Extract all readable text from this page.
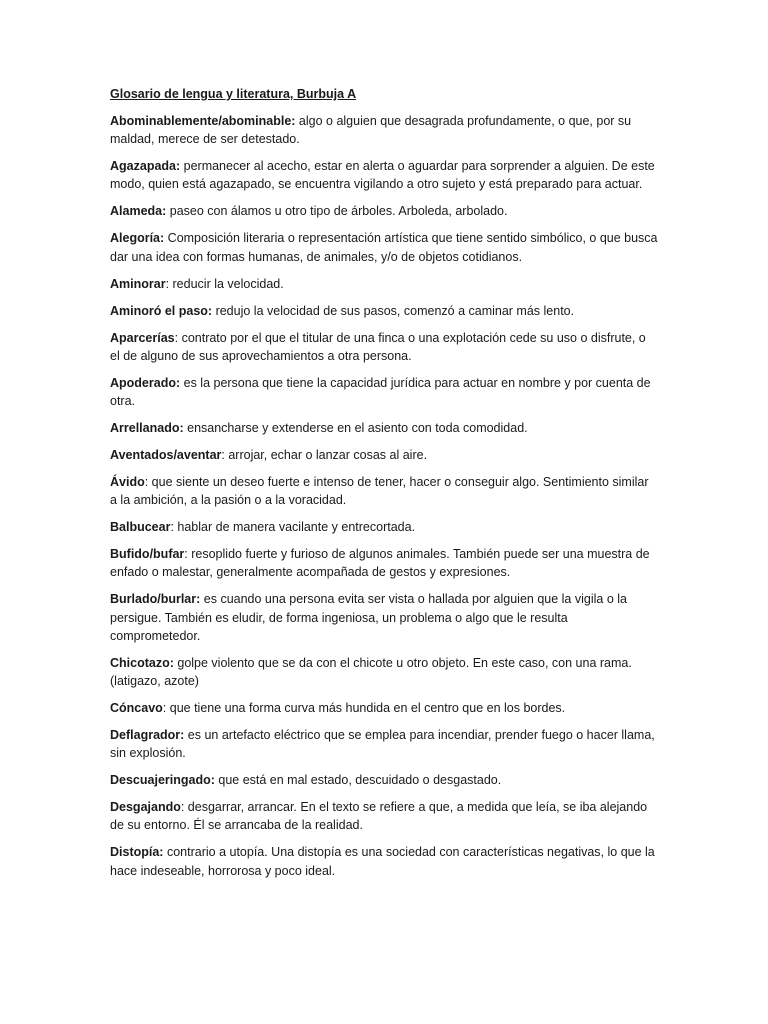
Glosario de lengua y literatura, Burbuja A

Abominablemente/abominable: algo o alguien que desagrada profundamente, o que, por su maldad, merece de ser detestado.

Agazapada: permanecer al acecho, estar en alerta o aguardar para sorprender a alguien. De este modo, quien está agazapado, se encuentra vigilando a otro sujeto y está preparado para actuar.

Alameda: paseo con álamos u otro tipo de árboles. Arboleda, arbolado.

Alegoría: Composición literaria o representación artística que tiene sentido simbólico, o que busca dar una idea con formas humanas, de animales, y/o de objetos cotidianos.

Aminorar: reducir la velocidad.

Aminoró el paso: redujo la velocidad de sus pasos, comenzó a caminar más lento.

Aparcerías: contrato por el que el titular de una finca o una explotación cede su uso o disfrute, o el de alguno de sus aprovechamientos a otra persona.

Apoderado: es la persona que tiene la capacidad jurídica para actuar en nombre y por cuenta de otra.

Arrellanado: ensancharse y extenderse en el asiento con toda comodidad.

Aventados/aventar: arrojar, echar o lanzar cosas al aire.

Ávido: que siente un deseo fuerte e intenso de tener, hacer o conseguir algo. Sentimiento similar a la ambición, a la pasión o a la voracidad.

Balbucear: hablar de manera vacilante y entrecortada.

Bufido/bufar: resoplido fuerte y furioso de algunos animales. También puede ser una muestra de enfado o malestar, generalmente acompañada de gestos y expresiones.

Burlado/burlar: es cuando una persona evita ser vista o hallada por alguien que la vigila o la persigue. También es eludir, de forma ingeniosa, un problema o algo que le resulta comprometedor.

Chicotazo: golpe violento que se da con el chicote u otro objeto. En este caso, con una rama. (latigazo, azote)

Cóncavo: que tiene una forma curva más hundida en el centro que en los bordes.

Deflagrador: es un artefacto eléctrico que se emplea para incendiar, prender fuego o hacer llama, sin explosión.

Descuajeringado: que está en mal estado, descuidado o desgastado.

Desgajando: desgarrar, arrancar. En el texto se refiere a que, a medida que leía, se iba alejando de su entorno. Él se arrancaba de la realidad.

Distopía: contrario a utopía. Una distopía es una sociedad con características negativas, lo que la hace indeseable, horrorosa y poco ideal.
